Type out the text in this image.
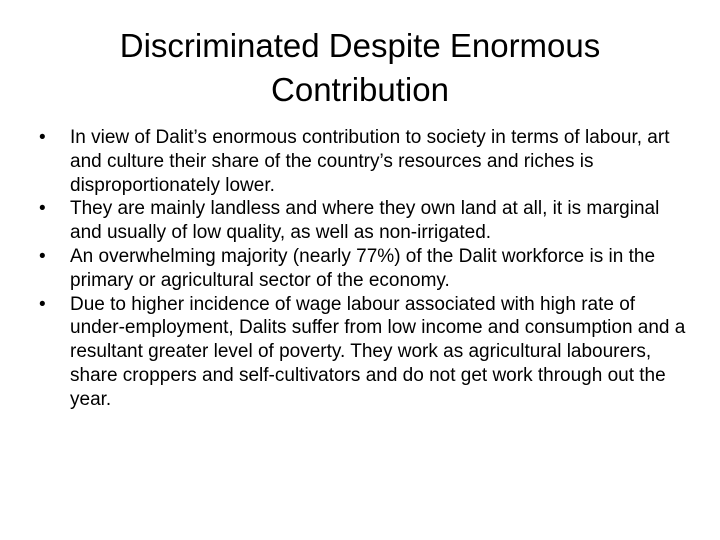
Discriminated Despite Enormous Contribution
• In view of Dalit’s enormous contribution to society in terms of labour, art and culture their share of the country’s resources and riches is disproportionately lower.
• They are mainly landless and where they own land at all, it is marginal and usually of low quality, as well as non-irrigated.
• An overwhelming majority (nearly 77%) of the Dalit workforce is in the primary or agricultural sector of the economy.
• Due to higher incidence of wage labour associated with high rate of under-employment, Dalits suffer from low income and consumption and a resultant greater level of poverty. They work as agricultural labourers, share croppers and self-cultivators and do not get work through out the year.
